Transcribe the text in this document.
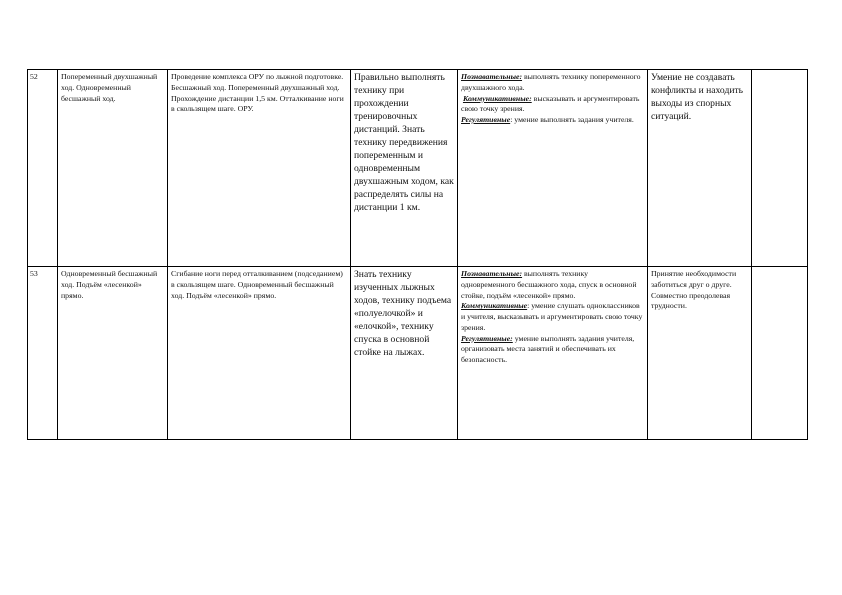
52	Попеременный двухшажный ход. Одновременный бесшажный ход.	Проведение комплекса ОРУ по лыжной подготовке. Бесшажный ход. Попеременный двухшажный ход. Прохождение дистанции 1,5 км. Отталкивание ноги в скользящем шаге. ОРУ.	Правильно выполнять технику при прохождении тренировочных дистанций. Знать технику передвижения попеременным и одновременным двухшажным ходом, как распределять силы на дистанции 1 км.	Познавательные: выполнять технику попеременного двухшажного хода.
Коммуникативные: высказывать и аргументировать свою точку зрения.
Регулятивные: умение выполнять задания учителя.	Умение не создавать конфликты и находить выходы из спорных ситуаций.	
53	Одновременный бесшажный ход. Подъём «лесенкой» прямо.	Сгибание ноги перед отталкиванием (подседанием) в скользящем шаге. Одновременный бесшажный ход. Подъём «лесенкой» прямо.	Знать технику изученных лыжных ходов, технику подъема «полуелочкой» и «елочкой», технику спуска в основной стойке на лыжах.	Познавательные: выполнять технику одновременного бесшажного хода, спуск в основной стойке, подъём «лесенкой» прямо.
Коммуникативные: умение слушать одноклассников и учителя, высказывать и аргументировать свою точку зрения.
Регулятивные: умение выполнять задания учителя, организовать места занятий и обеспечивать их безопасность.	Принятие необходимости заботиться друг о друге. Совместно преодолевая трудности.	
